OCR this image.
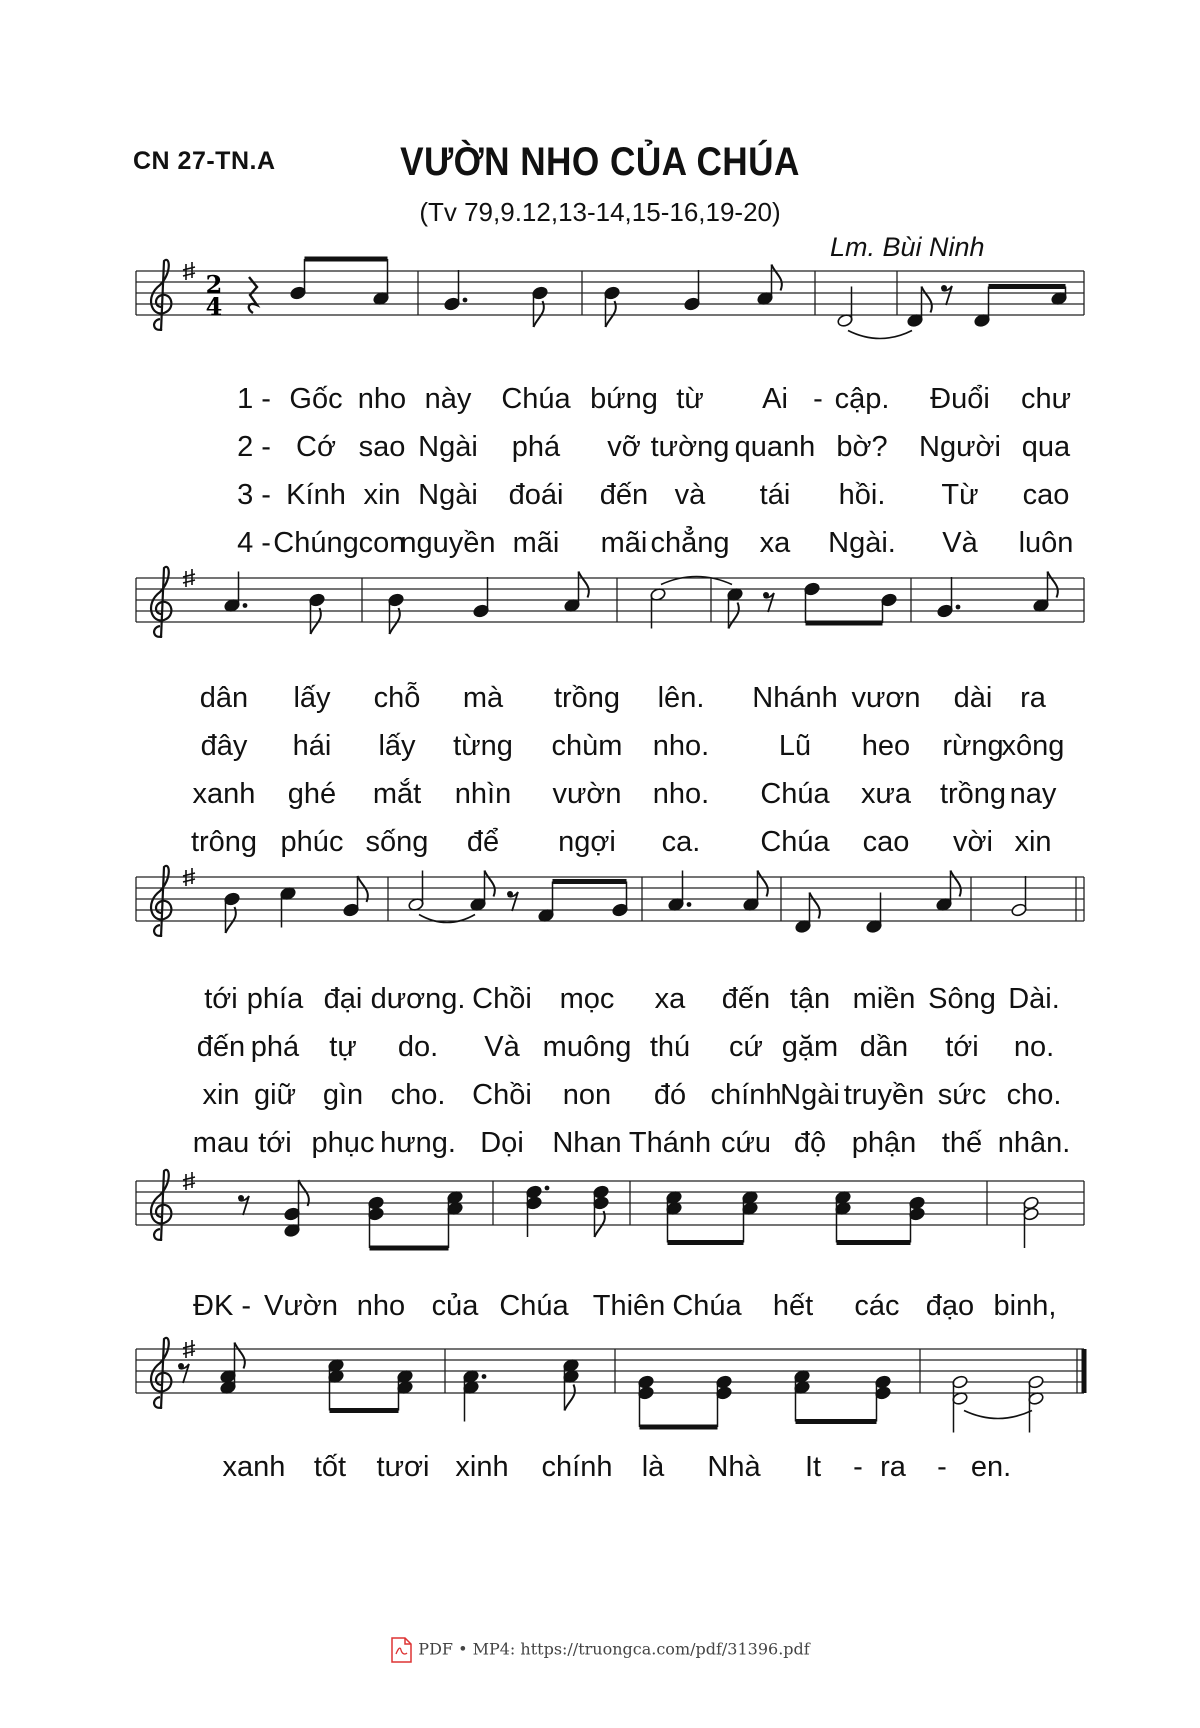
CN 27-TN.A	VƯỜN NHO CỦA CHÚA
(Tv 79,9.12,13-14,15-16,19-20)
Lm. Bùi Ninh
2
4
1 - Gốc nho này Chúa bứng từ Ai - cập. Đuổi chư
2 - Cớ sao Ngài phá vỡ tường quanh bờ? Người qua
3 - Kính xin Ngài đoái đến và tái hồi. Từ cao
4 - Chúng con
nguyền mãi mãi chẳng xa Ngài. Và luôn
dân lấy chỗ mà trồng lên. Nhánh vươn dài ra
đây hái lấy từng chùm nho. Lũ heo rừng
xông
xanh ghé mắt nhìn vườn nho. Chúa xưa trồng nay
trông phúc sống để ngợi ca. Chúa cao vời xin
tới phía đại dương. Chồi mọc xa đến tận miền Sông Dài.
đến phá tự do. Và muông thú cứ gặm dần tới no.
xin giữ gìn cho. Chồi non đó chính
Ngài truyền sức cho.
mau tới phục hưng. Dọi Nhan Thánh cứu độ phận thế nhân.
ĐK - Vườn nho của Chúa Thiên Chúa hết các đạo binh,
xanh tốt tươi xinh chính là Nhà It - ra - en.
PDF • MP4: https://truongca.com/pdf/31396.pdf
